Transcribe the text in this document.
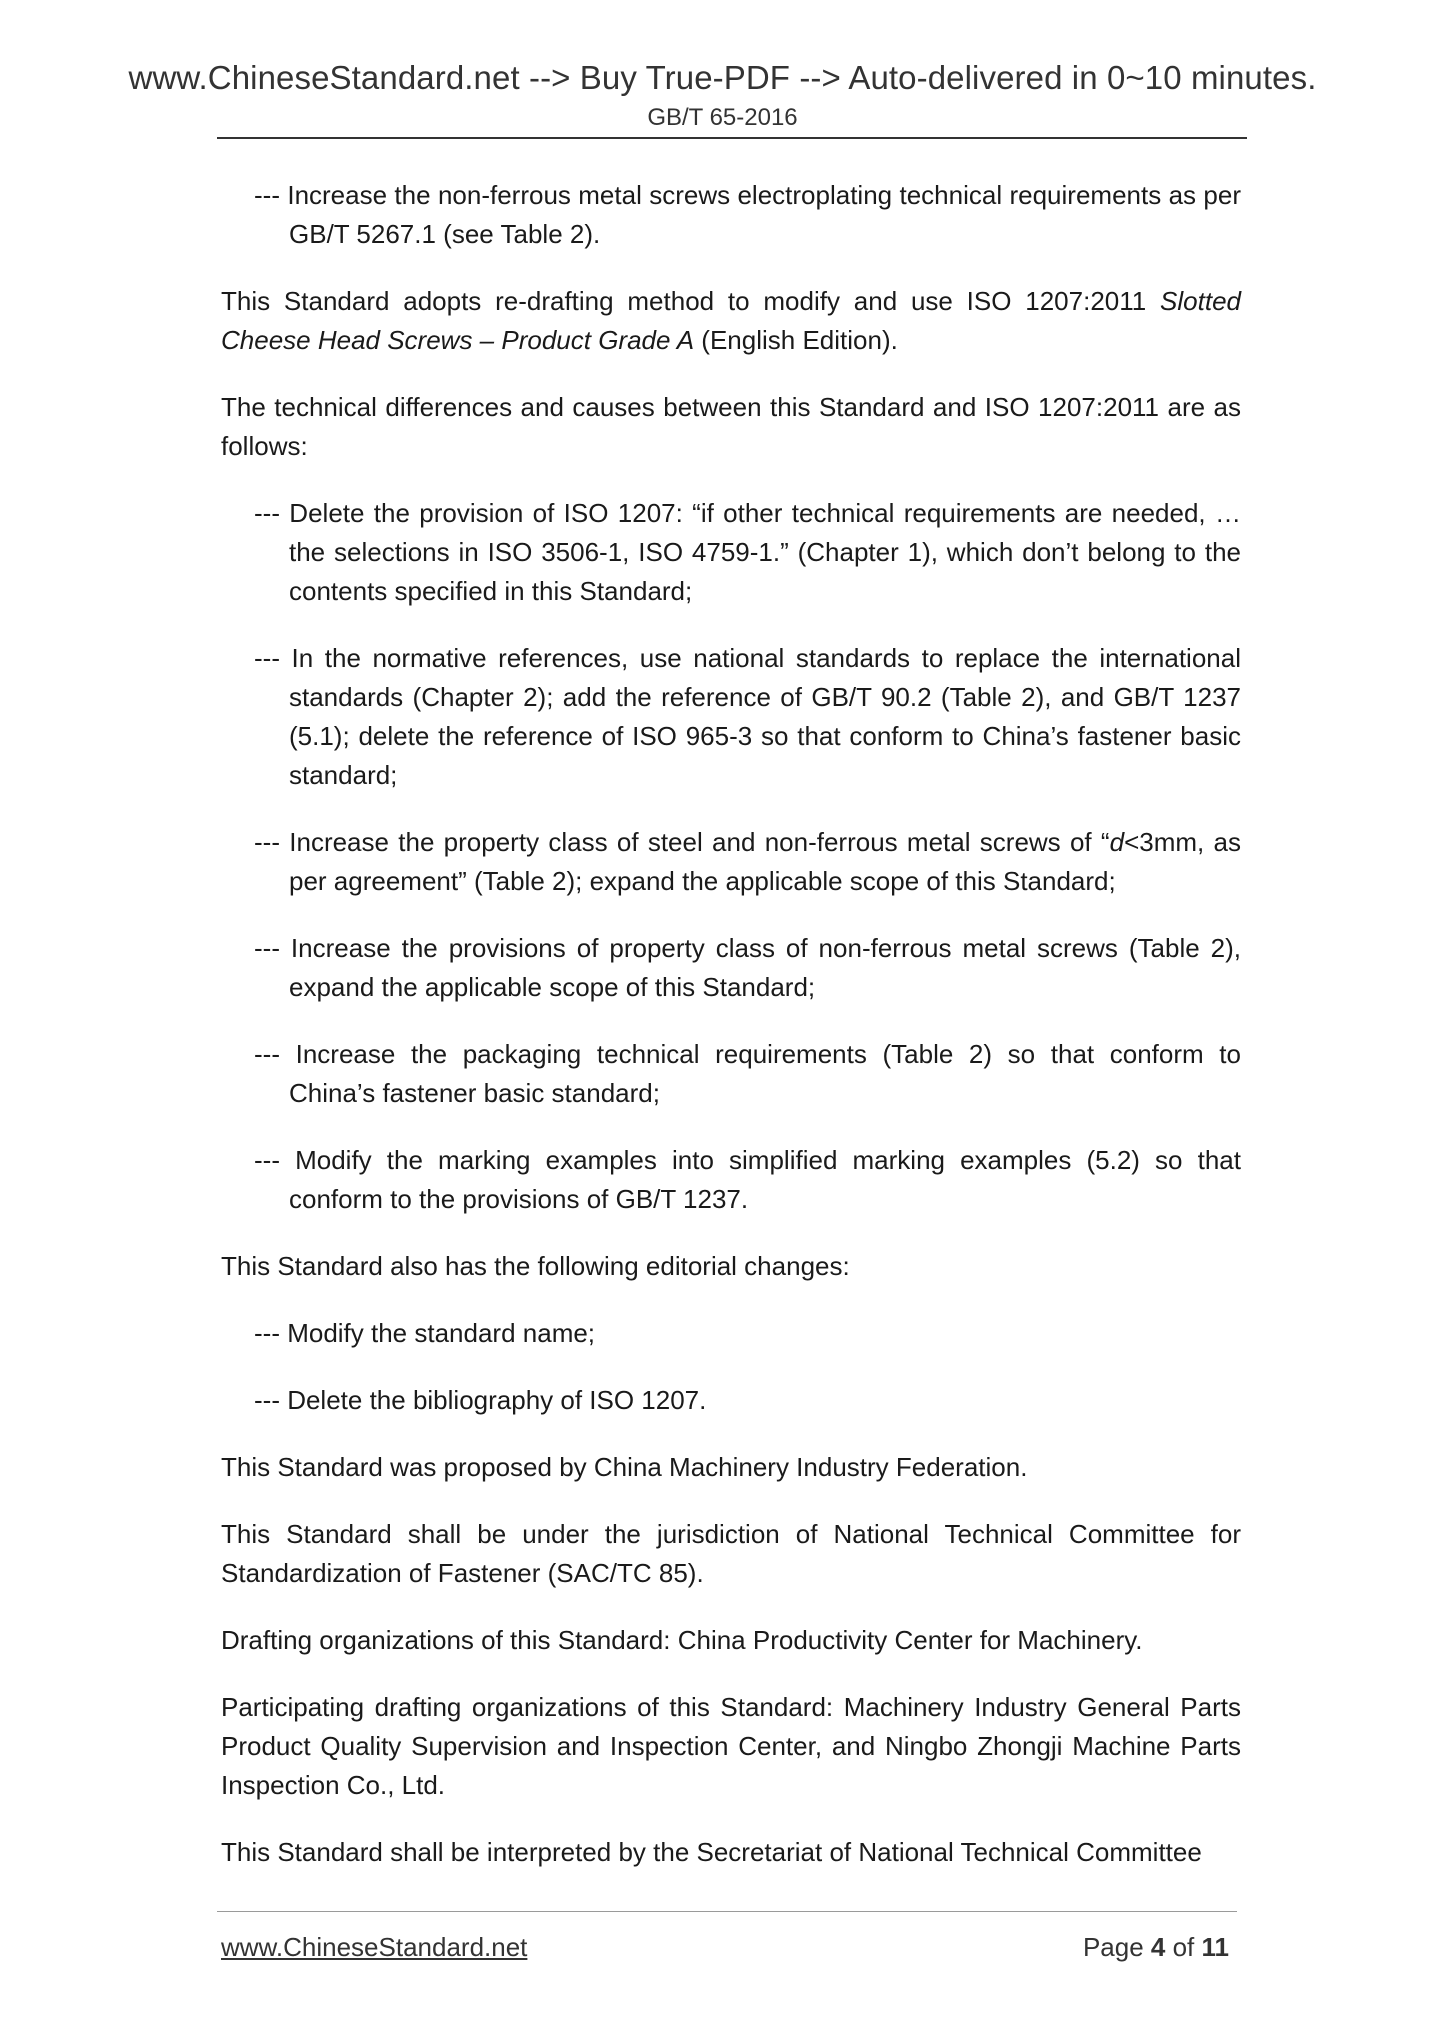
www.ChineseStandard.net --> Buy True-PDF --> Auto-delivered in 0~10 minutes.
GB/T 65-2016

--- Increase the non-ferrous metal screws electroplating technical requirements as per GB/T 5267.1 (see Table 2).

This Standard adopts re-drafting method to modify and use ISO 1207:2011 Slotted Cheese Head Screws – Product Grade A (English Edition).

The technical differences and causes between this Standard and ISO 1207:2011 are as follows:

--- Delete the provision of ISO 1207: “if other technical requirements are needed, … the selections in ISO 3506-1, ISO 4759-1.” (Chapter 1), which don’t belong to the contents specified in this Standard;

--- In the normative references, use national standards to replace the international standards (Chapter 2); add the reference of GB/T 90.2 (Table 2), and GB/T 1237 (5.1); delete the reference of ISO 965-3 so that conform to China’s fastener basic standard;

--- Increase the property class of steel and non-ferrous metal screws of “d<3mm, as per agreement” (Table 2); expand the applicable scope of this Standard;

--- Increase the provisions of property class of non-ferrous metal screws (Table 2), expand the applicable scope of this Standard;

--- Increase the packaging technical requirements (Table 2) so that conform to China’s fastener basic standard;

--- Modify the marking examples into simplified marking examples (5.2) so that conform to the provisions of GB/T 1237.

This Standard also has the following editorial changes:

--- Modify the standard name;

--- Delete the bibliography of ISO 1207.

This Standard was proposed by China Machinery Industry Federation.

This Standard shall be under the jurisdiction of National Technical Committee for Standardization of Fastener (SAC/TC 85).

Drafting organizations of this Standard: China Productivity Center for Machinery.

Participating drafting organizations of this Standard: Machinery Industry General Parts Product Quality Supervision and Inspection Center, and Ningbo Zhongji Machine Parts Inspection Co., Ltd.

This Standard shall be interpreted by the Secretariat of National Technical Committee

www.ChineseStandard.net	Page 4 of 11
